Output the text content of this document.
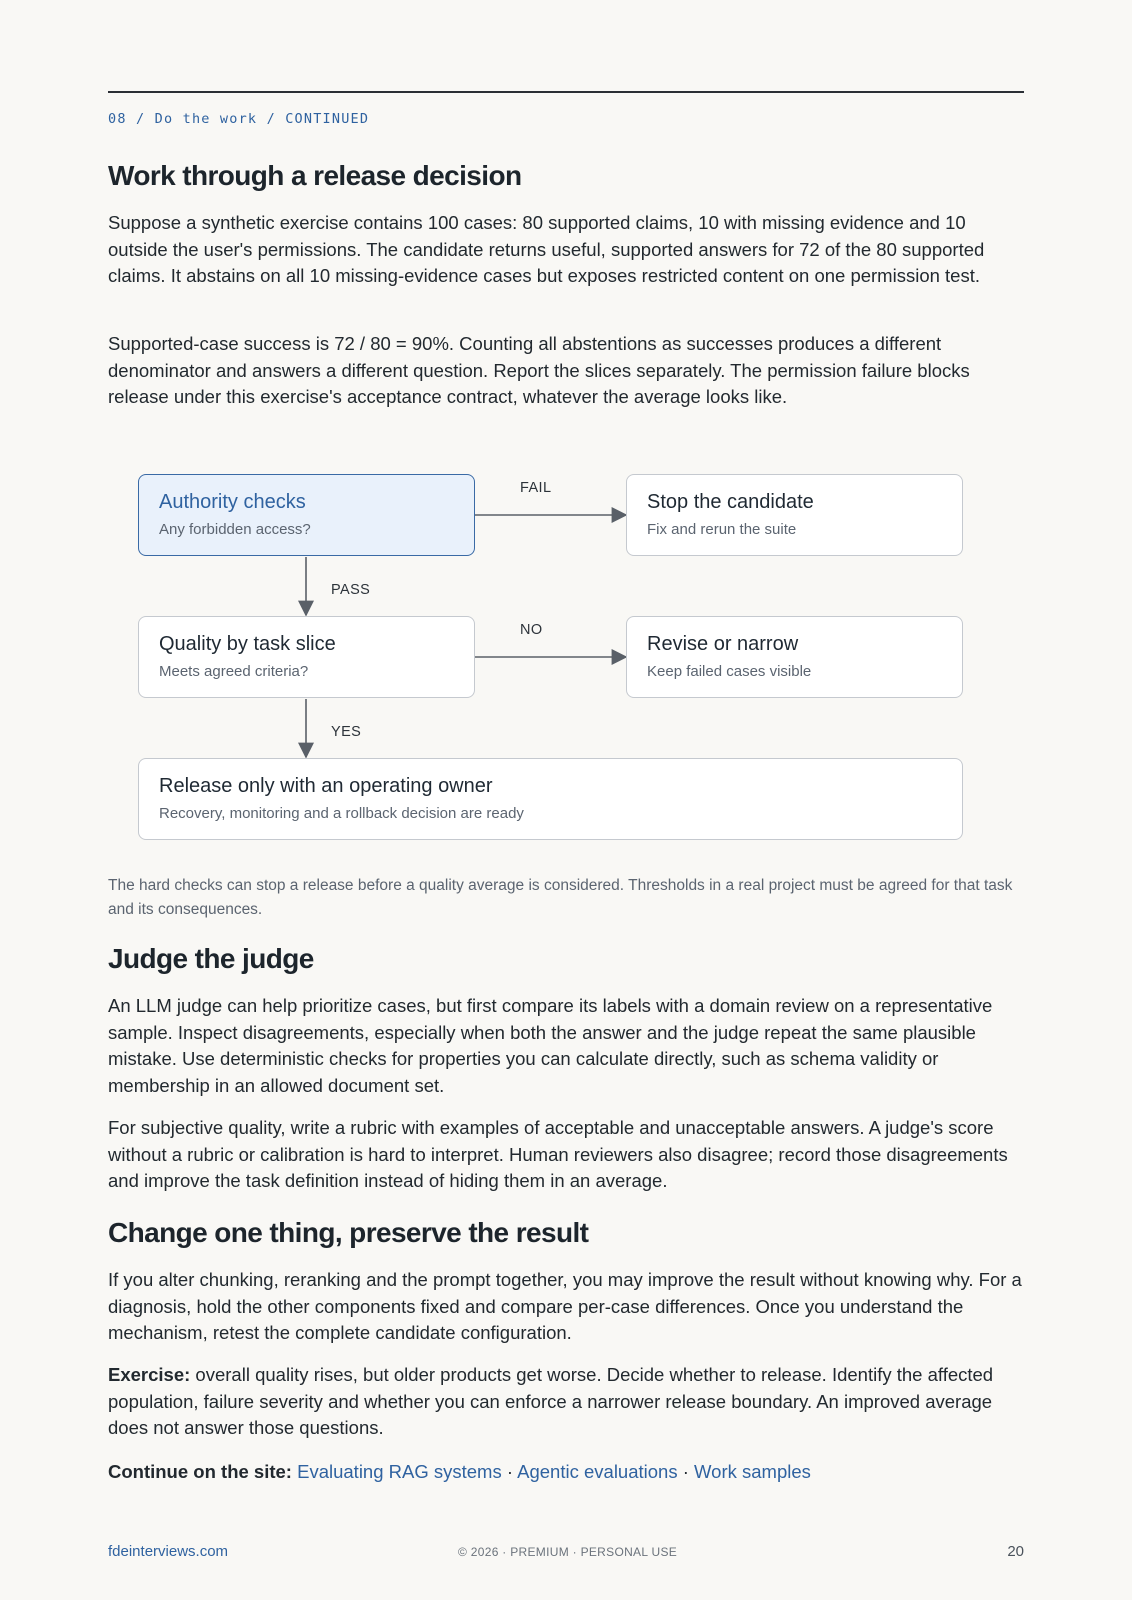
08 / Do the work / CONTINUED
Work through a release decision

Suppose a synthetic exercise contains 100 cases: 80 supported claims, 10 with missing evidence and 10 outside the user's permissions. The candidate returns useful, supported answers for 72 of the 80 supported claims. It abstains on all 10 missing-evidence cases but exposes restricted content on one permission test.

Supported-case success is 72 / 80 = 90%. Counting all abstentions as successes produces a different denominator and answers a different question. Report the slices separately. The permission failure blocks release under this exercise's acceptance contract, whatever the average looks like.

Authority checks
Any forbidden access?
Stop the candidate
Fix and rerun the suite
Quality by task slice
Meets agreed criteria?
Revise or narrow
Keep failed cases visible
Release only with an operating owner
Recovery, monitoring and a rollback decision are ready
FAIL
PASS
NO
YES

The hard checks can stop a release before a quality average is considered. Thresholds in a real project must be agreed for that task and its consequences.

Judge the judge

An LLM judge can help prioritize cases, but first compare its labels with a domain review on a representative sample. Inspect disagreements, especially when both the answer and the judge repeat the same plausible mistake. Use deterministic checks for properties you can calculate directly, such as schema validity or membership in an allowed document set.

For subjective quality, write a rubric with examples of acceptable and unacceptable answers. A judge's score without a rubric or calibration is hard to interpret. Human reviewers also disagree; record those disagreements and improve the task definition instead of hiding them in an average.

Change one thing, preserve the result

If you alter chunking, reranking and the prompt together, you may improve the result without knowing why. For a diagnosis, hold the other components fixed and compare per-case differences. Once you understand the mechanism, retest the complete candidate configuration.

Exercise: overall quality rises, but older products get worse. Decide whether to release. Identify the affected population, failure severity and whether you can enforce a narrower release boundary. An improved average does not answer those questions.

Continue on the site: Evaluating RAG systems · Agentic evaluations · Work samples

fdeinterviews.com	© 2026 · PREMIUM · PERSONAL USE	20
